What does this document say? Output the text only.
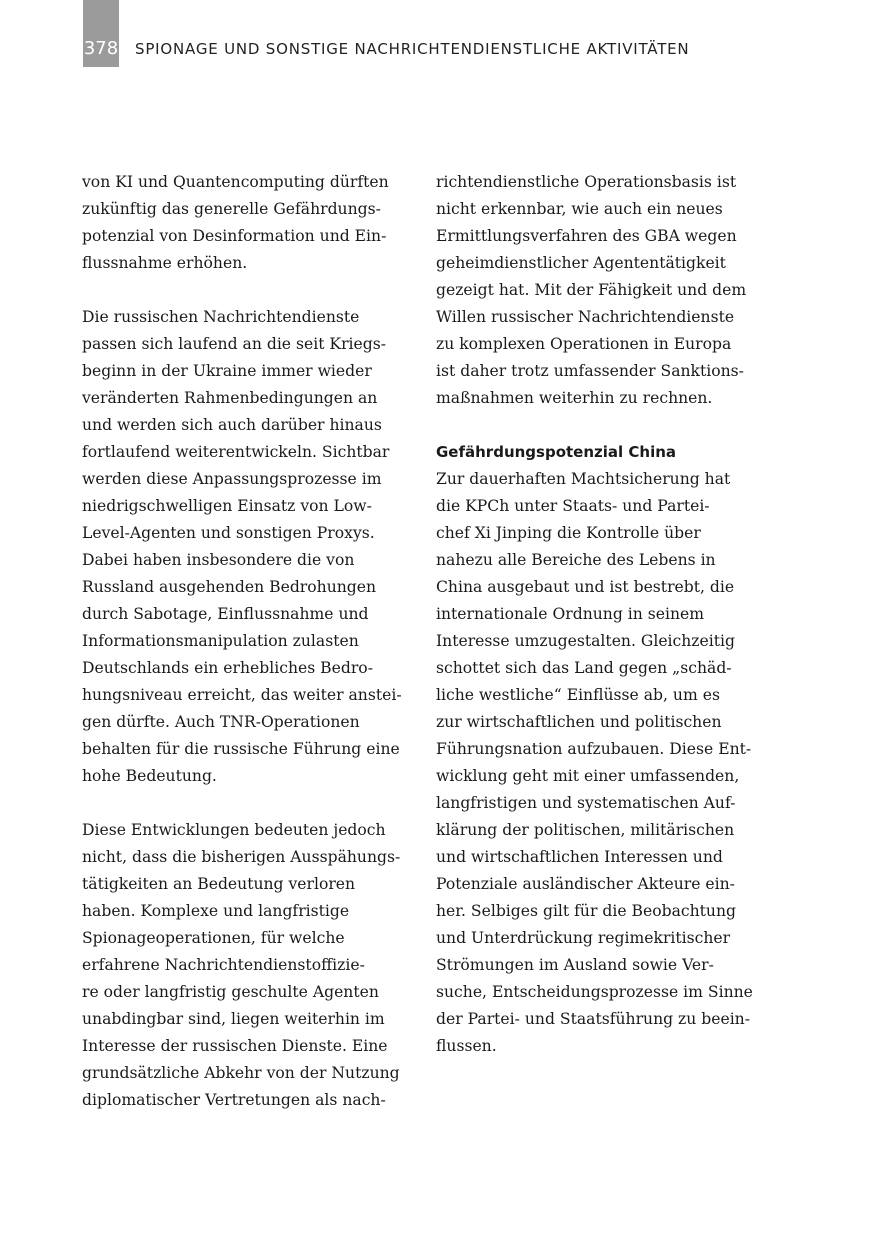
378 SPIONAGE UND SONSTIGE NACHRICHTENDIENSTLICHE AKTIVITÄTEN
von KI und Quantencomputing dürften
zukünftig das generelle Gefährdungs-
potenzial von Desinformation und Ein-
flussnahme erhöhen.
Die russischen Nachrichtendienste
passen sich laufend an die seit Kriegs-
beginn in der Ukraine immer wieder
veränderten Rahmenbedingungen an
und werden sich auch darüber hinaus
fortlaufend weiterentwickeln. Sichtbar
werden diese Anpassungsprozesse im
niedrigschwelligen Einsatz von Low-
Level-Agenten und sonstigen Proxys.
Dabei haben insbesondere die von
Russland ausgehenden Bedrohungen
durch Sabotage, Einflussnahme und
Informationsmanipulation zulasten
Deutschlands ein erhebliches Bedro-
hungsniveau erreicht, das weiter anstei-
gen dürfte. Auch TNR-Operationen
behalten für die russische Führung eine
hohe Bedeutung.
Diese Entwicklungen bedeuten jedoch
nicht, dass die bisherigen Ausspähungs-
tätigkeiten an Bedeutung verloren
haben. Komplexe und langfristige
Spionageoperationen, für welche
erfahrene Nachrichtendienstoffizie-
re oder langfristig geschulte Agenten
unabdingbar sind, liegen weiterhin im
Interesse der russischen Dienste. Eine
grundsätzliche Abkehr von der Nutzung
diplomatischer Vertretungen als nach-
richtendienstliche Operationsbasis ist
nicht erkennbar, wie auch ein neues
Ermittlungsverfahren des GBA wegen
geheimdienstlicher Agententätigkeit
gezeigt hat. Mit der Fähigkeit und dem
Willen russischer Nachrichtendienste
zu komplexen Operationen in Europa
ist daher trotz umfassender Sanktions-
maßnahmen weiterhin zu rechnen.
Gefährdungspotenzial China
Zur dauerhaften Machtsicherung hat
die KPCh unter Staats- und Partei-
chef Xi Jinping die Kontrolle über
nahezu alle Bereiche des Lebens in
China ausgebaut und ist bestrebt, die
internationale Ordnung in seinem
Interesse umzugestalten. Gleichzeitig
schottet sich das Land gegen „schäd-
liche westliche“ Einflüsse ab, um es
zur wirtschaftlichen und politischen
Führungsnation aufzubauen. Diese Ent-
wicklung geht mit einer umfassenden,
langfristigen und systematischen Auf-
klärung der politischen, militärischen
und wirtschaftlichen Interessen und
Potenziale ausländischer Akteure ein-
her. Selbiges gilt für die Beobachtung
und Unterdrückung regimekritischer
Strömungen im Ausland sowie Ver-
suche, Entscheidungsprozesse im Sinne
der Partei- und Staatsführung zu beein-
flussen.
